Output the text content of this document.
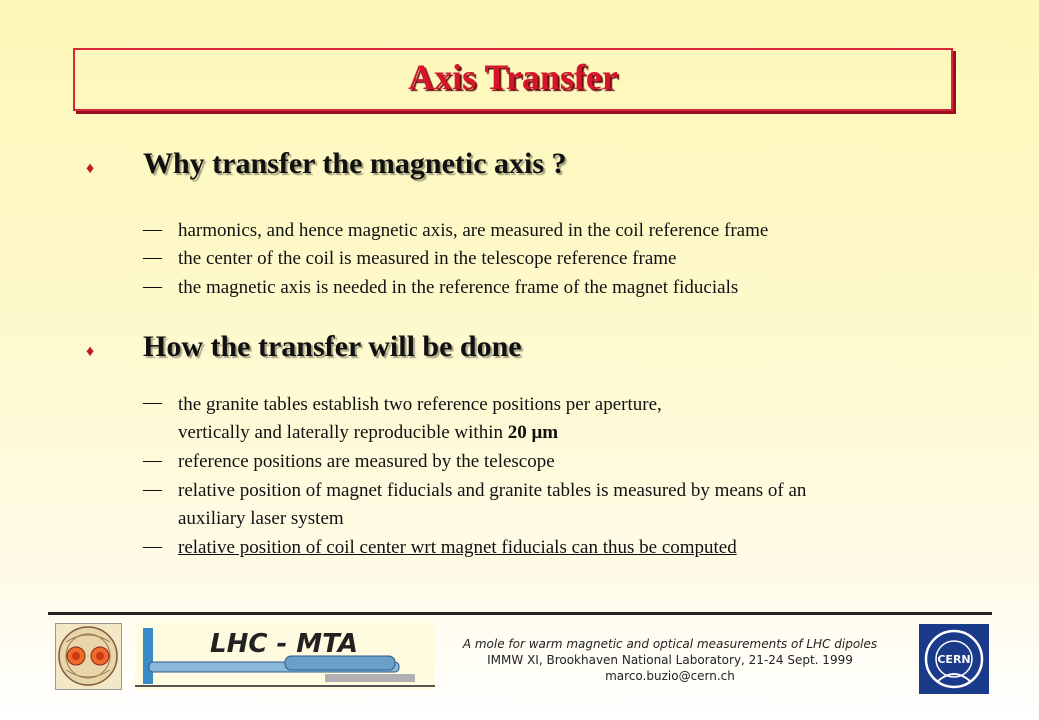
Axis Transfer
♦ Why transfer the magnetic axis ?
— harmonics, and hence magnetic axis, are measured in the coil reference frame
— the center of the coil is measured in the telescope reference frame
— the magnetic axis is needed in the reference frame of the magnet fiducials
♦ How the transfer will be done
— the granite tables establish two reference positions per aperture,
vertically and laterally reproducible within 20 μm
— reference positions are measured by the telescope
— relative position of magnet fiducials and granite tables is measured by means of an
auxiliary laser system
— relative position of coil center wrt magnet fiducials can thus be computed
LHC - MTA	A mole for warm magnetic and optical measurements of LHC dipoles
IMMW XI, Brookhaven National Laboratory, 21-24 Sept. 1999
marco.buzio@cern.ch
CERN
